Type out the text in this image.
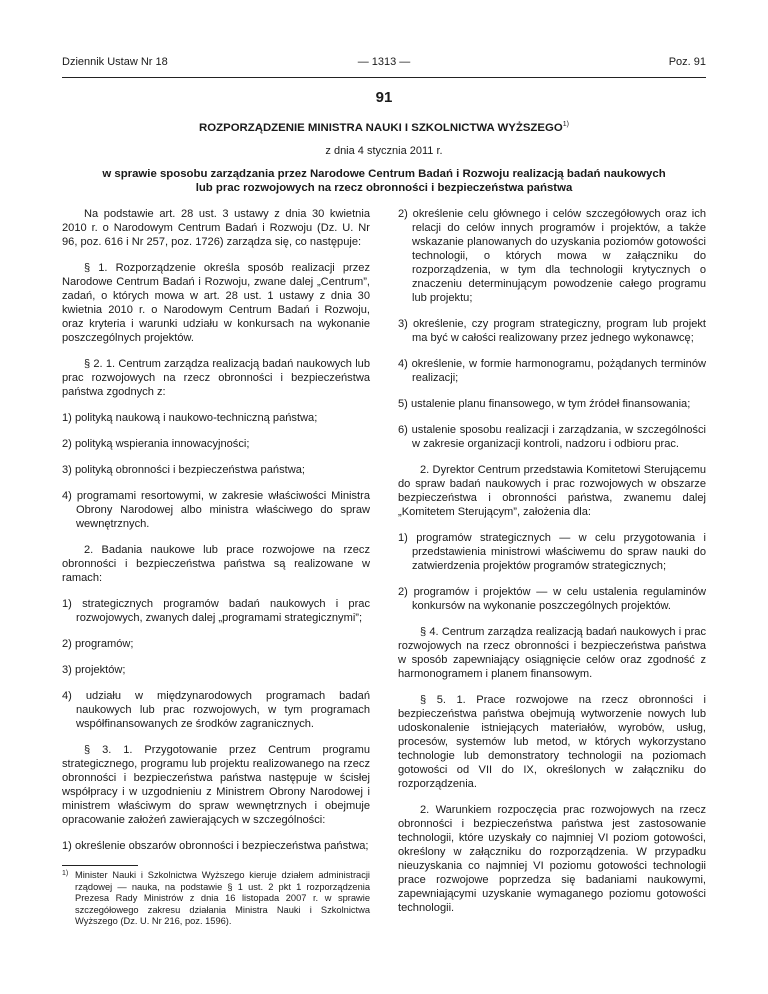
Dziennik Ustaw Nr 18	— 1313 —	Poz. 91
91
ROZPORZĄDZENIE MINISTRA NAUKI I SZKOLNICTWA WYŻSZEGO$^{1)}$
z dnia 4 stycznia 2011 r.
w sprawie sposobu zarządzania przez Narodowe Centrum Badań i Rozwoju realizacją badań naukowych lub prac rozwojowych na rzecz obronności i bezpieczeństwa państwa

Na podstawie art. 28 ust. 3 ustawy z dnia 30 kwietnia 2010 r. o Narodowym Centrum Badań i Rozwoju (Dz. U. Nr 96, poz. 616 i Nr 257, poz. 1726) zarządza się, co następuje:

§ 1. Rozporządzenie określa sposób realizacji przez Narodowe Centrum Badań i Rozwoju, zwane dalej „Centrum”, zadań, o których mowa w art. 28 ust. 1 ustawy z dnia 30 kwietnia 2010 r. o Narodowym Centrum Badań i Rozwoju, oraz kryteria i warunki udziału w konkursach na wykonanie poszczególnych projektów.

§ 2. 1. Centrum zarządza realizacją badań naukowych lub prac rozwojowych na rzecz obronności i bezpieczeństwa państwa zgodnych z:

1) polityką naukową i naukowo-techniczną państwa;

2) polityką wspierania innowacyjności;

3) polityką obronności i bezpieczeństwa państwa;

4) programami resortowymi, w zakresie właściwości Ministra Obrony Narodowej albo ministra właściwego do spraw wewnętrznych.

2. Badania naukowe lub prace rozwojowe na rzecz obronności i bezpieczeństwa państwa są realizowane w ramach:

1) strategicznych programów badań naukowych i prac rozwojowych, zwanych dalej „programami strategicznymi”;

2) programów;

3) projektów;

4) udziału w międzynarodowych programach badań naukowych lub prac rozwojowych, w tym programach współfinansowanych ze środków zagranicznych.

§ 3. 1. Przygotowanie przez Centrum programu strategicznego, programu lub projektu realizowanego na rzecz obronności i bezpieczeństwa państwa następuje w ścisłej współpracy i w uzgodnieniu z Ministrem Obrony Narodowej i ministrem właściwym do spraw wewnętrznych i obejmuje opracowanie założeń zawierających w szczególności:

1) określenie obszarów obronności i bezpieczeństwa państwa;

1) Minister Nauki i Szkolnictwa Wyższego kieruje działem administracji rządowej — nauka, na podstawie § 1 ust. 2 pkt 1 rozporządzenia Prezesa Rady Ministrów z dnia 16 listopada 2007 r. w sprawie szczegółowego zakresu działania Ministra Nauki i Szkolnictwa Wyższego (Dz. U. Nr 216, poz. 1596).

2) określenie celu głównego i celów szczegółowych oraz ich relacji do celów innych programów i projektów, a także wskazanie planowanych do uzyskania poziomów gotowości technologii, o których mowa w załączniku do rozporządzenia, w tym dla technologii krytycznych o znaczeniu determinującym powodzenie całego programu lub projektu;

3) określenie, czy program strategiczny, program lub projekt ma być w całości realizowany przez jednego wykonawcę;

4) określenie, w formie harmonogramu, pożądanych terminów realizacji;

5) ustalenie planu finansowego, w tym źródeł finansowania;

6) ustalenie sposobu realizacji i zarządzania, w szczególności w zakresie organizacji kontroli, nadzoru i odbioru prac.

2. Dyrektor Centrum przedstawia Komitetowi Sterującemu do spraw badań naukowych i prac rozwojowych w obszarze bezpieczeństwa i obronności państwa, zwanemu dalej „Komitetem Sterującym”, założenia dla:

1) programów strategicznych — w celu przygotowania i przedstawienia ministrowi właściwemu do spraw nauki do zatwierdzenia projektów programów strategicznych;

2) programów i projektów — w celu ustalenia regulaminów konkursów na wykonanie poszczególnych projektów.

§ 4. Centrum zarządza realizacją badań naukowych i prac rozwojowych na rzecz obronności i bezpieczeństwa państwa w sposób zapewniający osiągnięcie celów oraz zgodność z harmonogramem i planem finansowym.

§ 5. 1. Prace rozwojowe na rzecz obronności i bezpieczeństwa państwa obejmują wytworzenie nowych lub udoskonalenie istniejących materiałów, wyrobów, usług, procesów, systemów lub metod, w których wykorzystano technologie lub demonstratory technologii na poziomach gotowości od VII do IX, określonych w załączniku do rozporządzenia.

2. Warunkiem rozpoczęcia prac rozwojowych na rzecz obronności i bezpieczeństwa państwa jest zastosowanie technologii, które uzyskały co najmniej VI poziom gotowości, określony w załączniku do rozporządzenia. W przypadku nieuzyskania co najmniej VI poziomu gotowości technologii prace rozwojowe poprzedza się badaniami naukowymi, zapewniającymi uzyskanie wymaganego poziomu gotowości technologii.
